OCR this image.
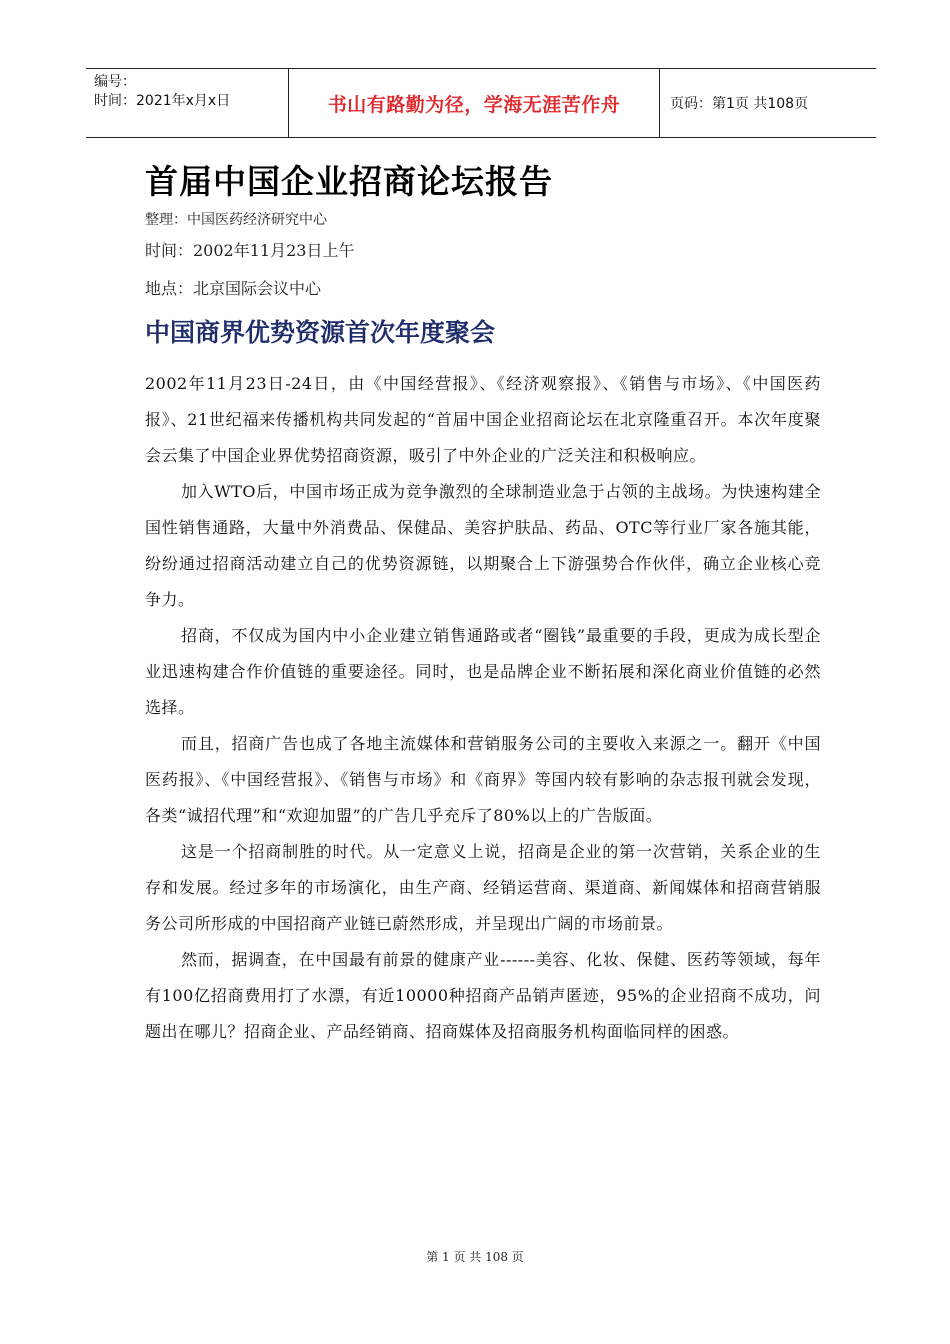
编号：
时间：2021年x月x日	书山有路勤为径，学海无涯苦作舟	页码：第1页 共108页
首届中国企业招商论坛报告

整理：中国医药经济研究中心

时间：2002年11月23日上午

地点：北京国际会议中心

中国商界优势资源首次年度聚会

2002年11月23日-24日，由《中国经营报》、《经济观察报》、《销售与市场》、《中国医药报》、21世纪福来传播机构共同发起的“首届中国企业招商论坛在北京隆重召开。本次年度聚会云集了中国企业界优势招商资源，吸引了中外企业的广泛关注和积极响应。

加入WTO后，中国市场正成为竞争激烈的全球制造业急于占领的主战场。为快速构建全国性销售通路，大量中外消费品、保健品、美容护肤品、药品、OTC等行业厂家各施其能，纷纷通过招商活动建立自己的优势资源链，以期聚合上下游强势合作伙伴，确立企业核心竞争力。

招商，不仅成为国内中小企业建立销售通路或者“圈钱”最重要的手段，更成为成长型企业迅速构建合作价值链的重要途径。同时，也是品牌企业不断拓展和深化商业价值链的必然选择。

而且，招商广告也成了各地主流媒体和营销服务公司的主要收入来源之一。翻开《中国医药报》、《中国经营报》、《销售与市场》和《商界》等国内较有影响的杂志报刊就会发现，各类“诚招代理”和“欢迎加盟”的广告几乎充斥了80%以上的广告版面。

这是一个招商制胜的时代。从一定意义上说，招商是企业的第一次营销，关系企业的生存和发展。经过多年的市场演化，由生产商、经销运营商、渠道商、新闻媒体和招商营销服务公司所形成的中国招商产业链已蔚然形成，并呈现出广阔的市场前景。

然而，据调查，在中国最有前景的健康产业------美容、化妆、保健、医药等领域，每年有100亿招商费用打了水漂，有近10000种招商产品销声匿迹，95%的企业招商不成功，问题出在哪儿？招商企业、产品经销商、招商媒体及招商服务机构面临同样的困惑。

第 1 页 共 108 页
